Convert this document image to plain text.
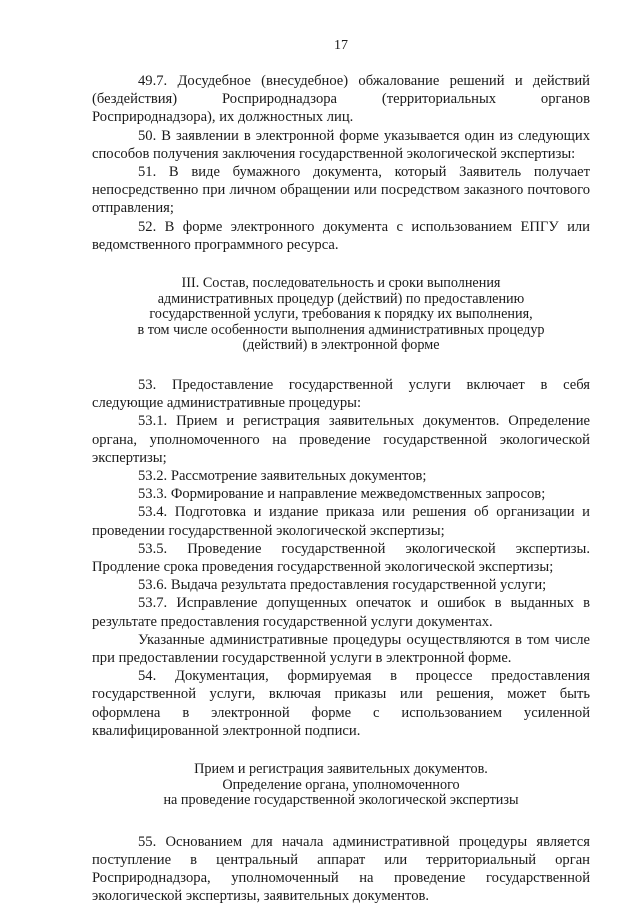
17

49.7. Досудебное (внесудебное) обжалование решений и действий (бездействия) Росприроднадзора (территориальных органов Росприроднадзора), их должностных лиц.

50. В заявлении в электронной форме указывается один из следующих способов получения заключения государственной экологической экспертизы:

51. В виде бумажного документа, который Заявитель получает непосредственно при личном обращении или посредством заказного почтового отправления;

52. В форме электронного документа с использованием ЕПГУ или ведомственного программного ресурса.

III. Состав, последовательность и сроки выполнения

административных процедур (действий) по предоставлению

государственной услуги, требования к порядку их выполнения,

в том числе особенности выполнения административных процедур

(действий) в электронной форме

53. Предоставление государственной услуги включает в себя следующие административные процедуры:

53.1. Прием и регистрация заявительных документов. Определение органа, уполномоченного на проведение государственной экологической экспертизы;

53.2. Рассмотрение заявительных документов;

53.3. Формирование и направление межведомственных запросов;

53.4. Подготовка и издание приказа или решения об организации и проведении государственной экологической экспертизы;

53.5. Проведение государственной экологической экспертизы. Продление срока проведения государственной экологической экспертизы;

53.6. Выдача результата предоставления государственной услуги;

53.7. Исправление допущенных опечаток и ошибок в выданных в результате предоставления государственной услуги документах.

Указанные административные процедуры осуществляются в том числе при предоставлении государственной услуги в электронной форме.

54. Документация, формируемая в процессе предоставления государственной услуги, включая приказы или решения, может быть оформлена в электронной форме с использованием усиленной квалифицированной электронной подписи.

Прием и регистрация заявительных документов.

Определение органа, уполномоченного

на проведение государственной экологической экспертизы

55. Основанием для начала административной процедуры является поступление в центральный аппарат или территориальный орган Росприроднадзора, уполномоченный на проведение государственной экологической экспертизы, заявительных документов.
